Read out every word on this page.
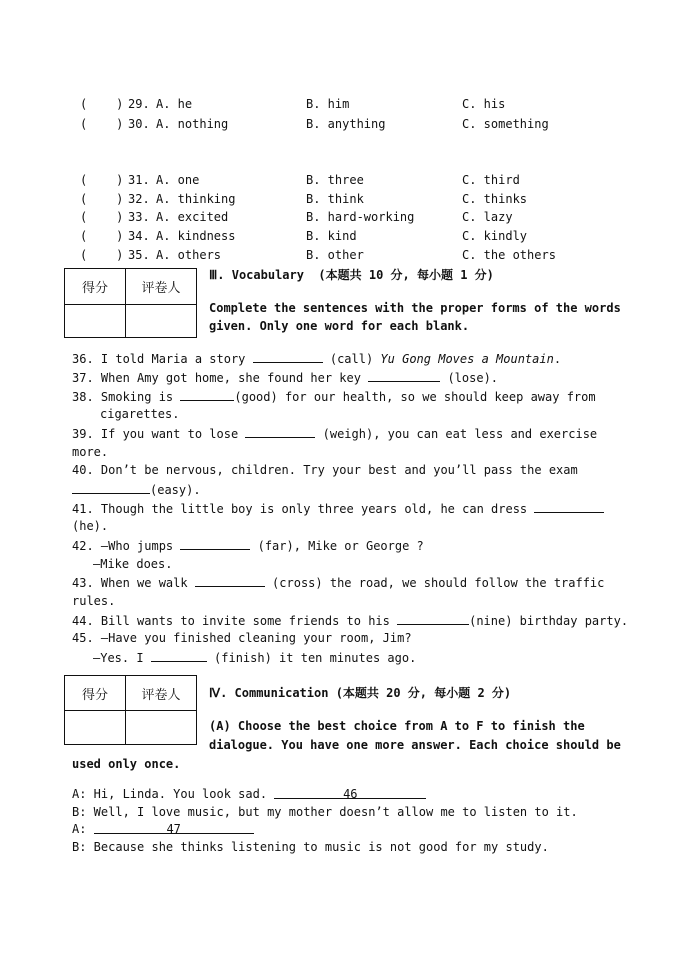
(    ) 29. A. he	B. him	C. his
(    ) 30. A. nothing	B. anything	C. something
(    ) 31. A. one	B. three	C. third
(    ) 32. A. thinking	B. think	C. thinks
(    ) 33. A. excited	B. hard-working	C. lazy
(    ) 34. A. kindness	B. kind	C. kindly
(    ) 35. A. others	B. other	C. the others
得分	评卷人

Ⅲ. Vocabulary (本题共 10 分, 每小题 1 分)
Complete the sentences with the proper forms of the words
given. Only one word for each blank.
36. I told Maria a story	(call) Yu Gong Moves a Mountain.
37. When Amy got home, she found her key	(lose).
38. Smoking is	(good) for our health, so we should keep away from
cigarettes.
39. If you want to lose	(weigh), you can eat less and exercise
more.
40. Don’t be nervous, children. Try your best and you’ll pass the exam
(easy).
41. Though the little boy is only three years old, he can dress
(he).
42. —Who jumps	(far), Mike or George ?
—Mike does.
43. When we walk	(cross) the road, we should follow the traffic
rules.
44. Bill wants to invite some friends to his	(nine) birthday party.
45. —Have you finished cleaning your room, Jim?
—Yes. I	(finish) it ten minutes ago.
得分	评卷人
	Ⅳ. Communication (本题共 20 分, 每小题 2 分)
(A) Choose the best choice from A to F to finish the
dialogue. You have one more answer. Each choice should be
used only once.
A: Hi, Linda. You look sad.	46
B: Well, I love music, but my mother doesn’t allow me to listen to it.
A:	47
B: Because she thinks listening to music is not good for my study.
